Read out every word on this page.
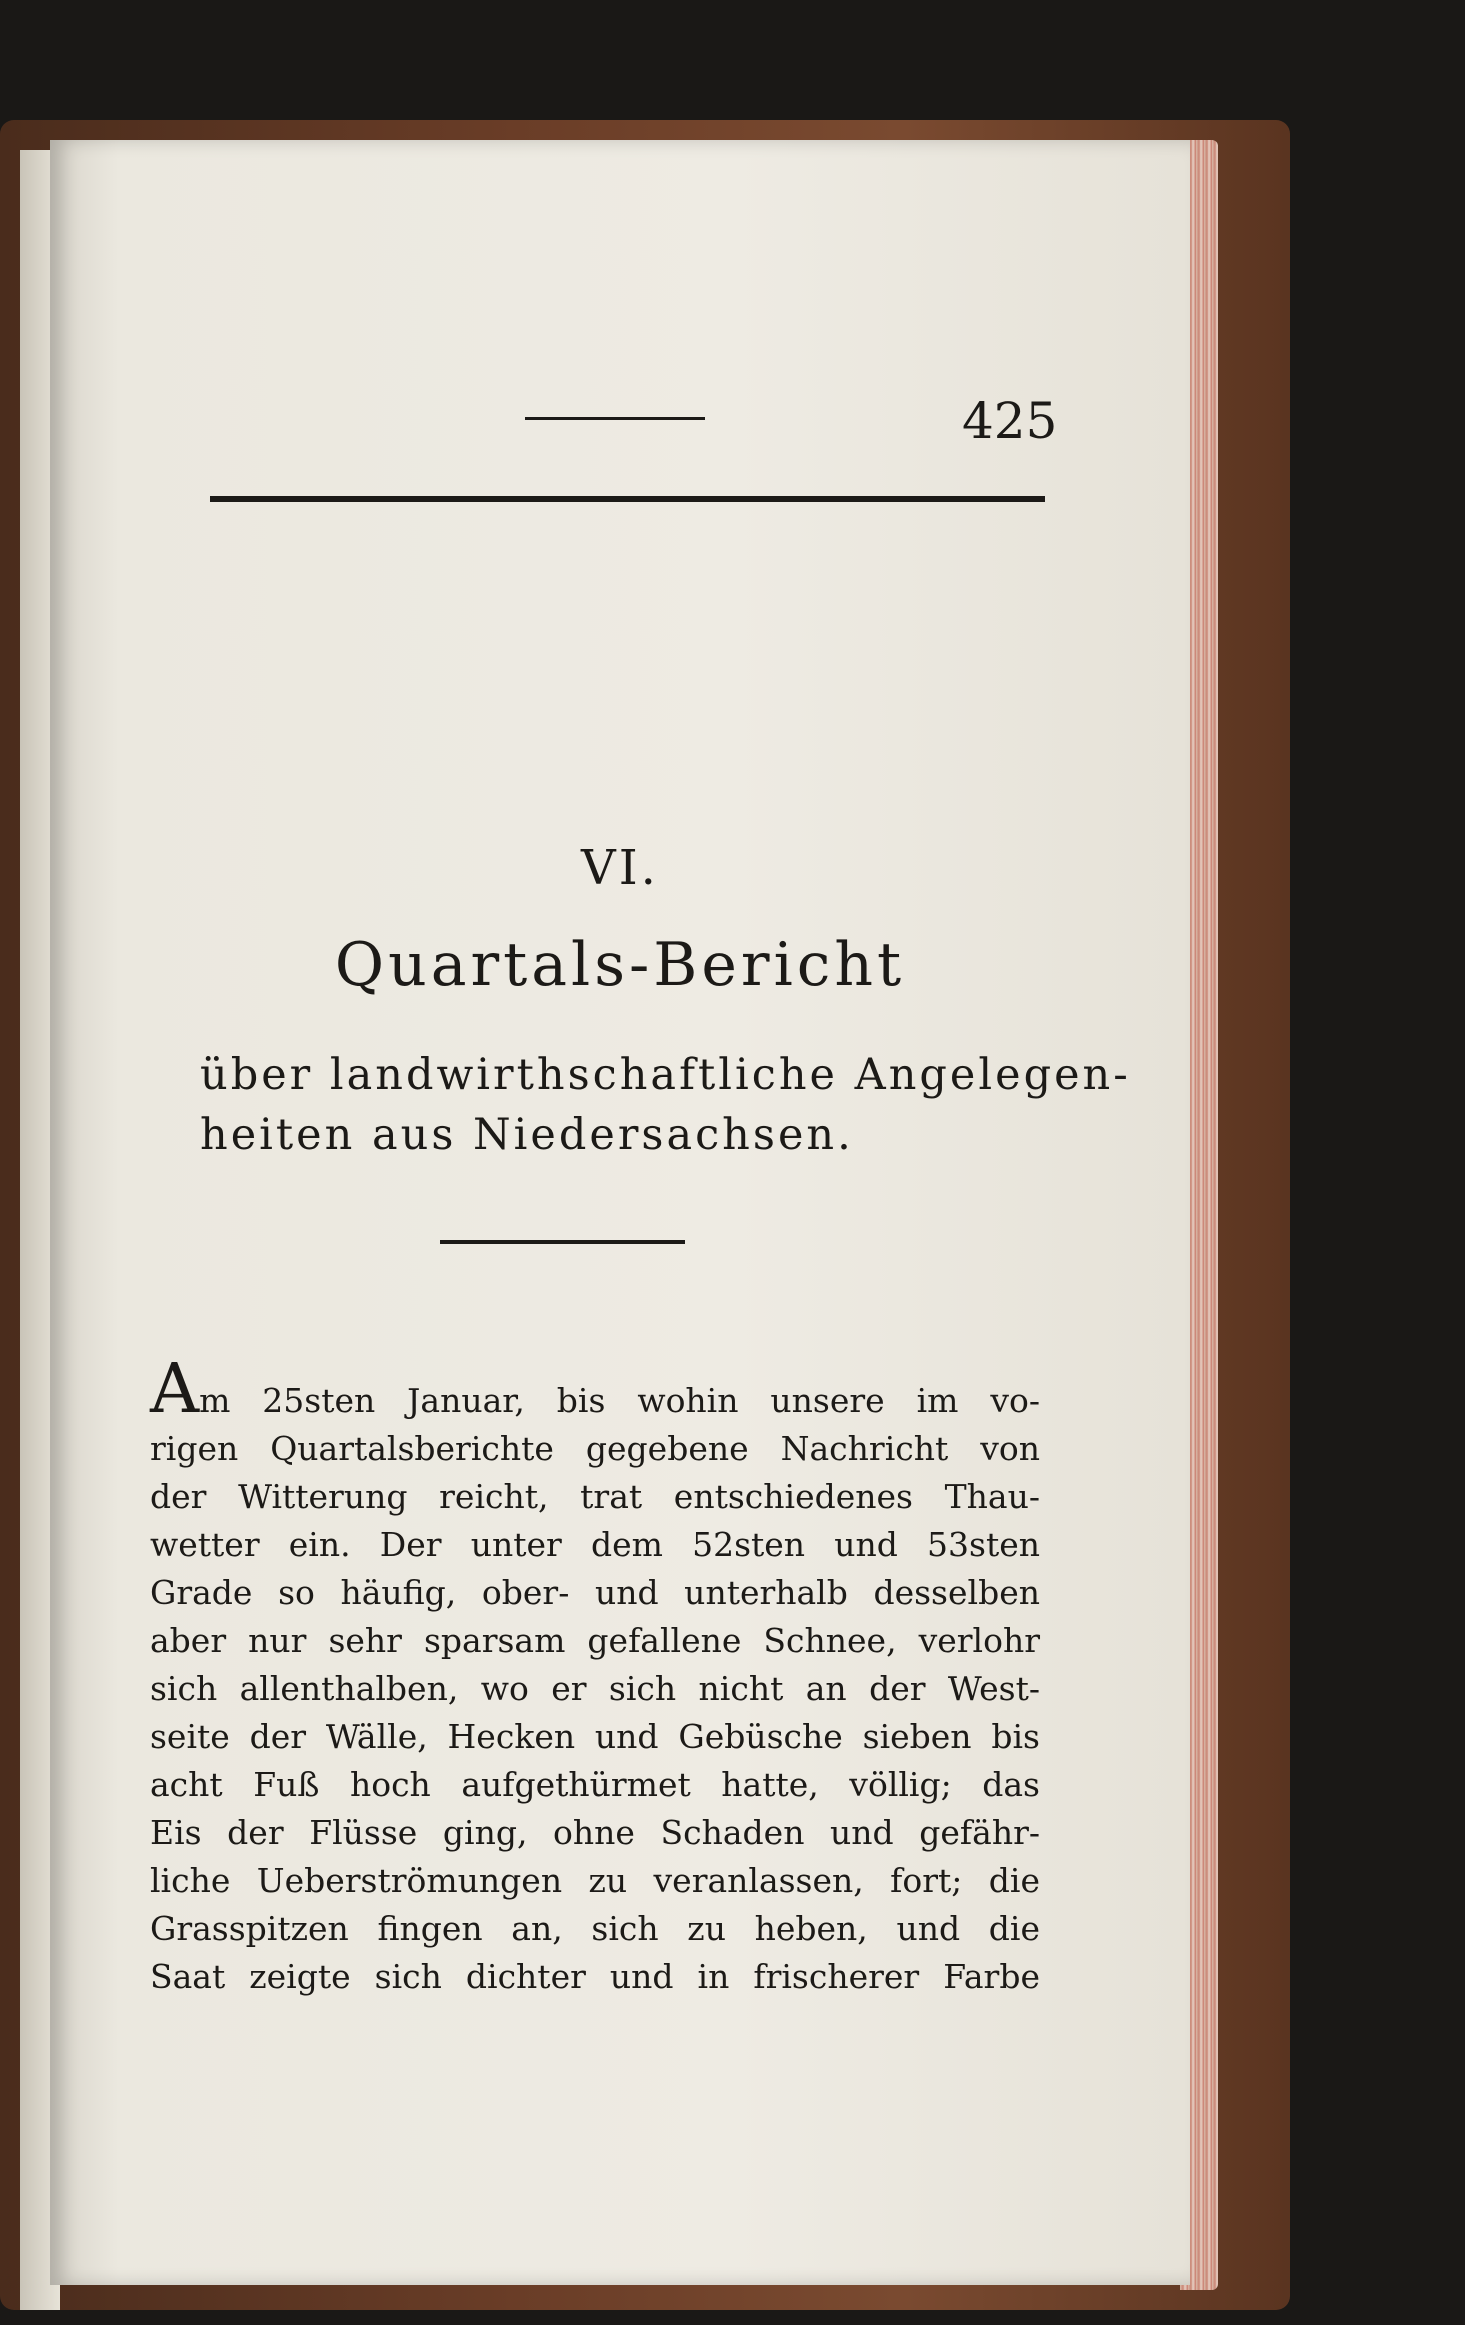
425
VI.
Quartals-Bericht
über landwirthschaftliche Angelegen-
heiten aus Niedersachsen.
Am 25sten Januar, bis wohin unsere im vo-
rigen Quartalsberichte gegebene Nachricht von
der Witterung reicht, trat entschiedenes Thau-
wetter ein. Der unter dem 52sten und 53sten
Grade so häufig, ober- und unterhalb desselben
aber nur sehr sparsam gefallene Schnee, verlohr
sich allenthalben, wo er sich nicht an der West-
seite der Wälle, Hecken und Gebüsche sieben bis
acht Fuß hoch aufgethürmet hatte, völlig; das
Eis der Flüsse ging, ohne Schaden und gefähr-
liche Ueberströmungen zu veranlassen, fort; die
Grasspitzen fingen an, sich zu heben, und die
Saat zeigte sich dichter und in frischerer Farbe
